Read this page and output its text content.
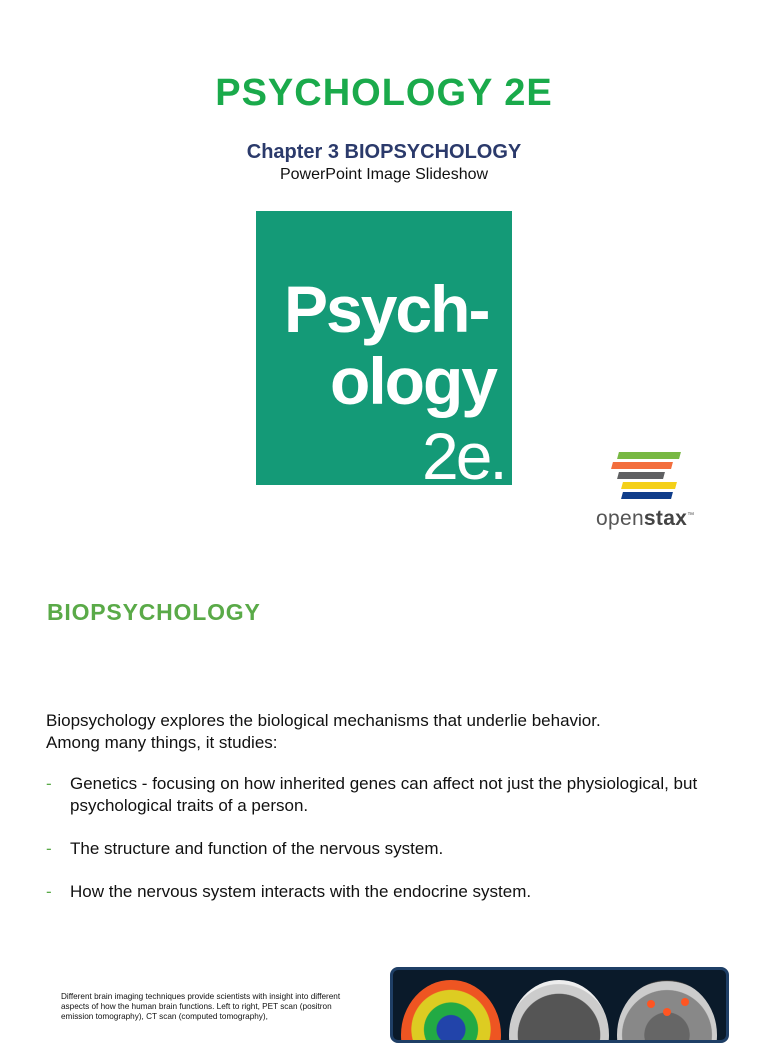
PSYCHOLOGY 2E
Chapter 3 BIOPSYCHOLOGY
PowerPoint Image Slideshow
Psych-
ology
2e.
openstax™
BIOPSYCHOLOGY
Biopsychology explores the biological mechanisms that underlie behavior.
Among many things, it studies:
- Genetics - focusing on how inherited genes can affect not just the physiological, but psychological traits of a person.
- The structure and function of the nervous system.
- How the nervous system interacts with the endocrine system.
Different brain imaging techniques provide scientists with insight into different aspects of how the human brain functions. Left to right, PET scan (positron emission tomography), CT scan (computed tomography),
